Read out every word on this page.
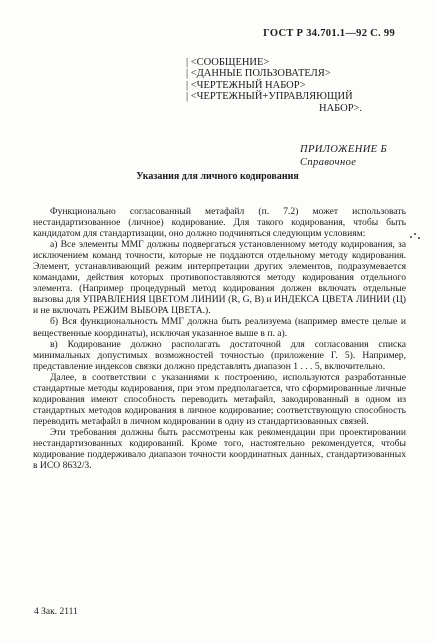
ГОСТ Р 34.701.1—92 С. 99
| <СООБЩЕНИЕ>
| <ДАННЫЕ ПОЛЬЗОВАТЕЛЯ>
| <ЧЕРТЕЖНЫЙ НАБОР>
| <ЧЕРТЕЖНЫЙ+УПРАВЛЯЮЩИЙ
НАБОР>.
ПРИЛОЖЕНИЕ Б
Справочное
Указания для личного кодирования

Функционально согласованный метафайл (п. 7.2) может использовать нестандартизованное (личное) кодирование. Для такого кодирования, чтобы быть кандидатом для стандартизации, оно должно подчиняться следующим условиям:

а) Все элементы ММГ должны подвергаться установленному методу кодирования, за исключением команд точности, которые не поддаются отдельному методу кодирования. Элемент, устанавливающий режим интерпретации других элементов, подразумевается командами, действия которых противопоставляются методу кодирования отдельного элемента. (Например процедурный метод кодирования должен включать отдельные вызовы для УПРАВЛЕНИЯ ЦВЕТОМ ЛИНИИ (R, G, B) и ИНДЕКСА ЦВЕТА ЛИНИИ (Ц) и не включать РЕЖИМ ВЫБОРА ЦВЕТА.).

б) Вся функциональность ММГ должна быть реализуема (например вместе целые и вещественные координаты), исключая указанное выше в п. а).

в) Кодирование должно располагать достаточной для согласования списка минимальных допустимых возможностей точностью (приложение Г. 5). Например, представление индексов связки должно представлять диапазон 1 . . . 5, включительно.

Далее, в соответствии с указаниями к построению, используются разработанные стандартные методы кодирования, при этом предполагается, что сформированные личные кодирования имеют способность переводить метафайл, закодированный в одном из стандартных методов кодирования в личное кодирование; соответствующую способность переводить метафайл в личном кодировании в одну из стандартизованных связей.

Эти требования должны быть рассмотрены как рекомендации при проектировании нестандартизованных кодирований. Кроме того, настоятельно рекомендуется, чтобы кодирование поддерживало диапазон точности координатных данных, стандартизованных в ИСО 8632/3.

4 Зак. 2111
